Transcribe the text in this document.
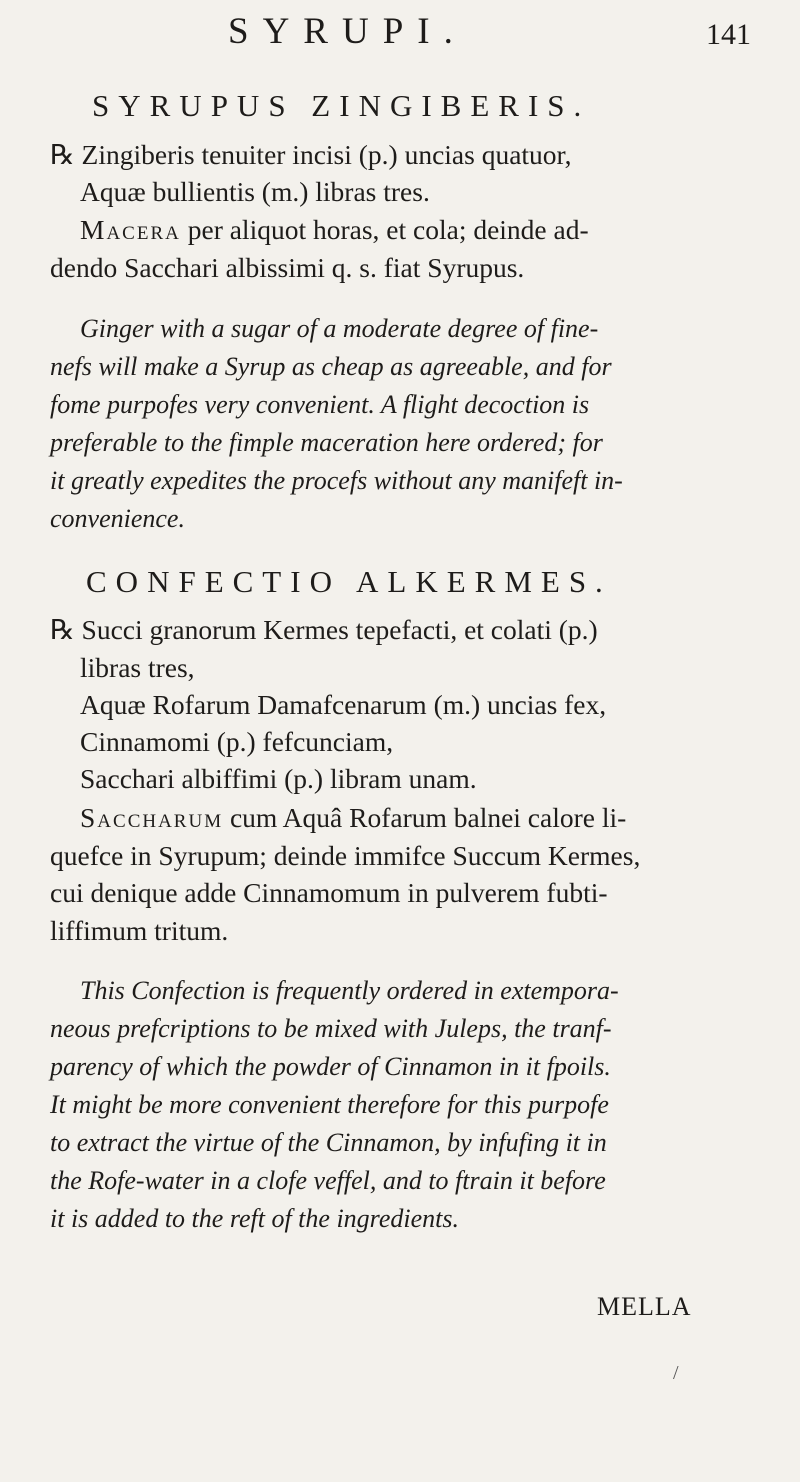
SYRUPI.	141
SYRUPUS ZINGIBERIS.
℞ Zingiberis tenuiter incisi (p.) uncias quatuor,
Aquæ bullientis (m.) libras tres.
Macera per aliquot horas, et cola; deinde ad-
dendo Sacchari albissimi q. s. fiat Syrupus.
Ginger with a sugar of a moderate degree of fine-
nefs will make a Syrup as cheap as agreeable, and for
fome purpofes very convenient. A flight decoction is
preferable to the fimple maceration here ordered; for
it greatly expedites the procefs without any manifeft in-
convenience.
CONFECTIO ALKERMES.
℞ Succi granorum Kermes tepefacti, et colati (p.)
libras tres,
Aquæ Rofarum Damafcenarum (m.) uncias fex,
Cinnamomi (p.) fefcunciam,
Sacchari albiffimi (p.) libram unam.
Saccharum cum Aquâ Rofarum balnei calore li-
quefce in Syrupum; deinde immifce Succum Kermes,
cui denique adde Cinnamomum in pulverem fubti-
liffimum tritum.
This Confection is frequently ordered in extempora-
neous prefcriptions to be mixed with Juleps, the tranf-
parency of which the powder of Cinnamon in it fpoils.
It might be more convenient therefore for this purpofe
to extract the virtue of the Cinnamon, by infufing it in
the Rofe-water in a clofe veffel, and to ftrain it before
it is added to the reft of the ingredients.
MELLA
/
